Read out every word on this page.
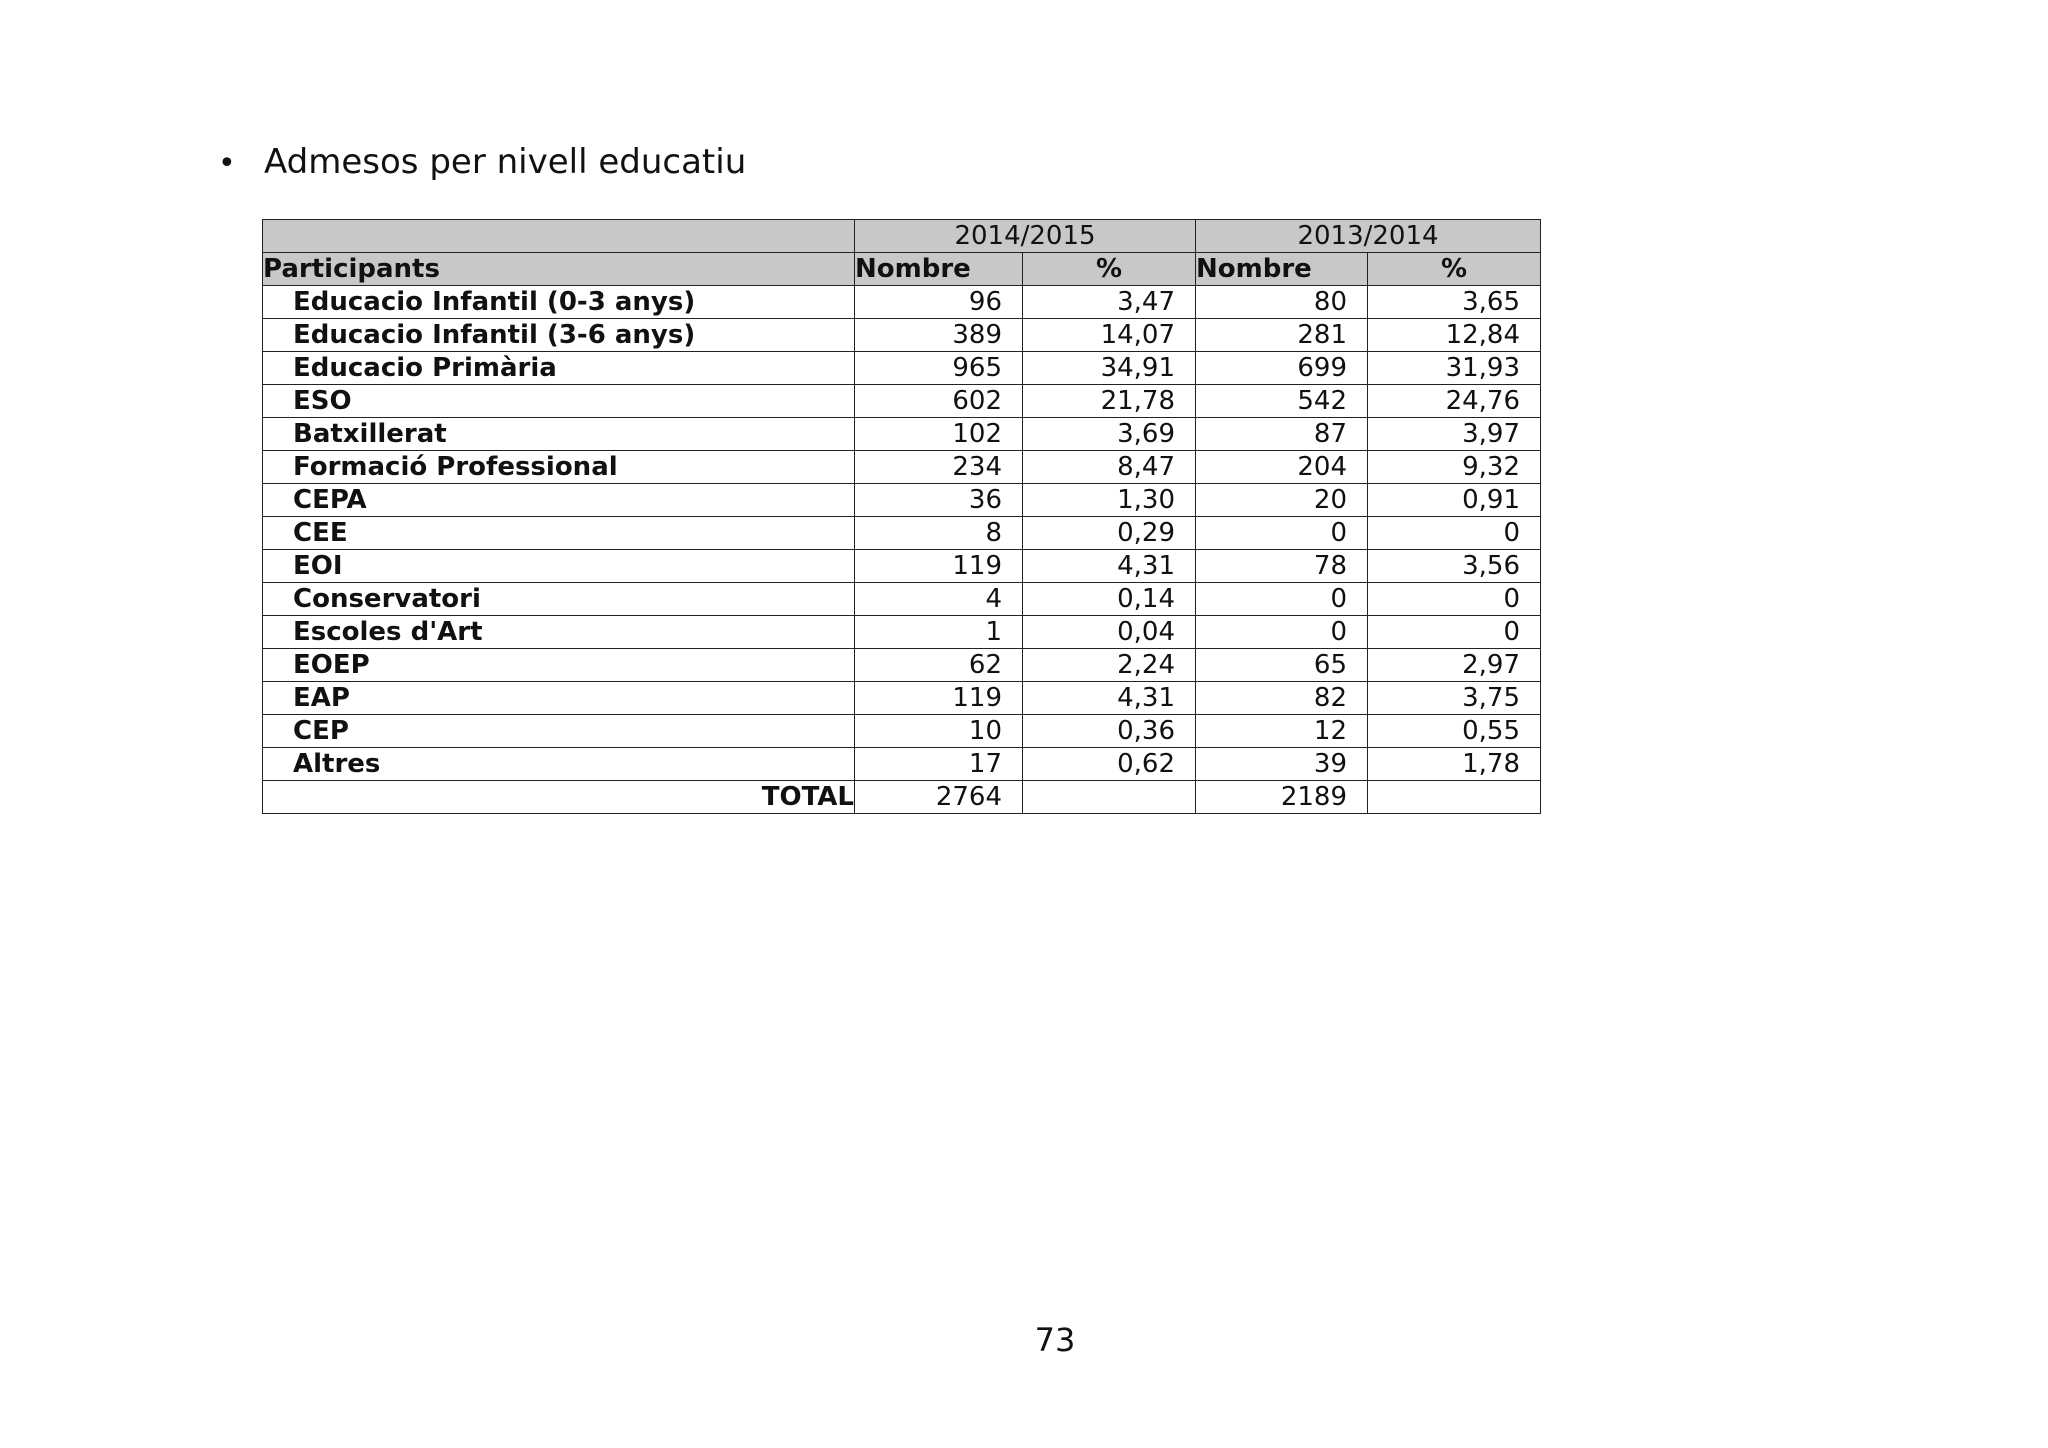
• Admesos per nivell educatiu
	2014/2015		2013/2014	
Participants	Nombre	%	Nombre	%
Educacio Infantil (0-3 anys)	96	3,47	80	3,65
Educacio Infantil (3-6 anys)	389	14,07	281	12,84
Educacio Primària	965	34,91	699	31,93
ESO	602	21,78	542	24,76
Batxillerat	102	3,69	87	3,97
Formació Professional	234	8,47	204	9,32
CEPA	36	1,30	20	0,91
CEE	8	0,29	0	0
EOI	119	4,31	78	3,56
Conservatori	4	0,14	0	0
Escoles d'Art	1	0,04	0	0
EOEP	62	2,24	65	2,97
EAP	119	4,31	82	3,75
CEP	10	0,36	12	0,55
Altres	17	0,62	39	1,78
TOTAL	2764		2189	
73
